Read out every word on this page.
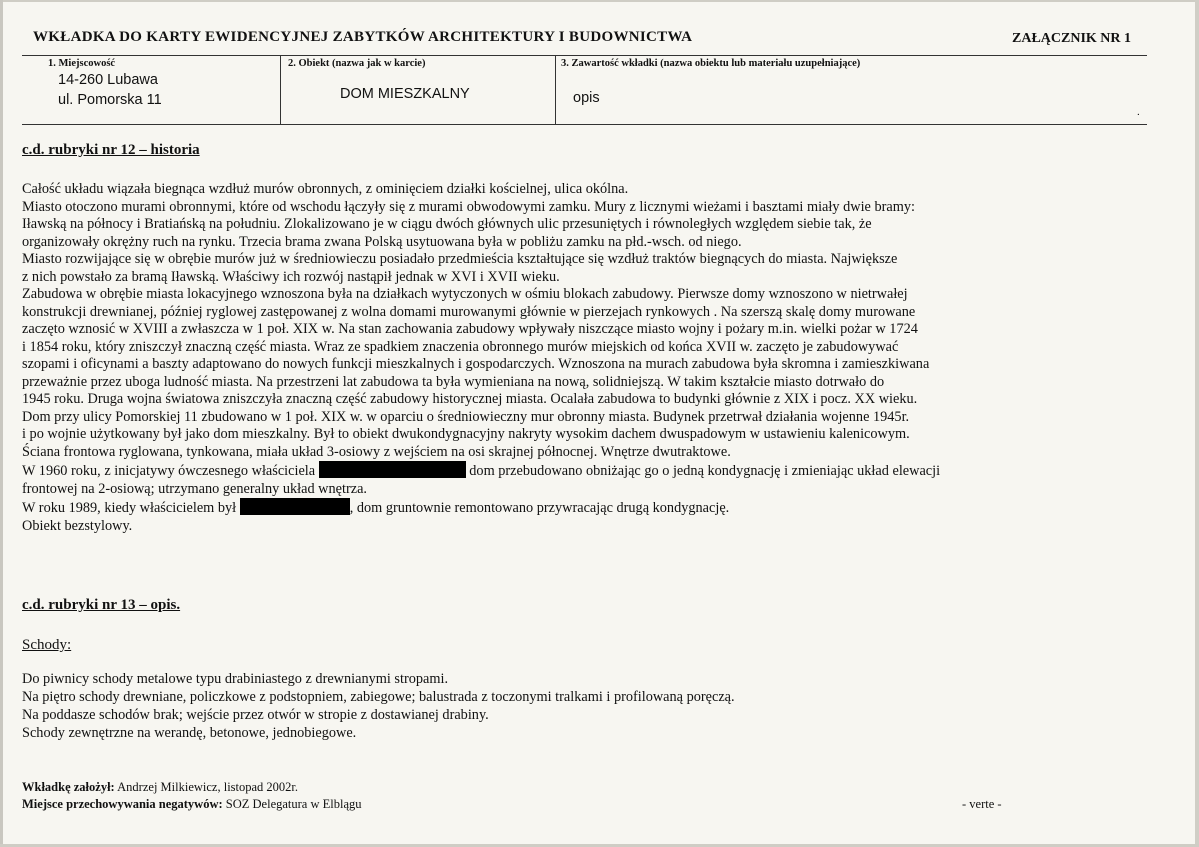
WKŁADKA DO KARTY EWIDENCYJNEJ ZABYTKÓW ARCHITEKTURY I BUDOWNICTWA	ZAŁĄCZNIK NR 1
1. Miejscowość
14-260 Lubawa
ul. Pomorska 11
2. Obiekt (nazwa jak w karcie)
DOM MIESZKALNY
3. Zawartość wkładki (nazwa obiektu lub materiału uzupełniające)
opis
.
c.d. rubryki nr 12 – historia
Całość układu wiązała biegnąca wzdłuż murów obronnych, z ominięciem działki kościelnej, ulica okólna.
Miasto otoczono murami obronnymi, które od wschodu łączyły się z murami obwodowymi zamku. Mury z licznymi wieżami i basztami miały dwie bramy:
Iławską na północy i Bratiańską na południu. Zlokalizowano je w ciągu dwóch głównych ulic przesuniętych i równoległych względem siebie tak, że
organizowały okrężny ruch na rynku. Trzecia brama zwana Polską usytuowana była w pobliżu zamku na płd.-wsch. od niego.
Miasto rozwijające się w obrębie murów już w średniowieczu posiadało przedmieścia kształtujące się wzdłuż traktów biegnących do miasta. Największe
z nich powstało za bramą Iławską. Właściwy ich rozwój nastąpił jednak w XVI i XVII wieku.
Zabudowa w obrębie miasta lokacyjnego wznoszona była na działkach wytyczonych w ośmiu blokach zabudowy. Pierwsze domy wznoszono w nietrwałej
konstrukcji drewnianej, później ryglowej zastępowanej z wolna domami murowanymi głównie w pierzejach rynkowych . Na szerszą skalę domy murowane
zaczęto wznosić w XVIII a zwłaszcza w 1 poł. XIX w. Na stan zachowania zabudowy wpływały niszczące miasto wojny i pożary m.in. wielki pożar w 1724
i 1854 roku, który zniszczył znaczną część miasta. Wraz ze spadkiem znaczenia obronnego murów miejskich od końca XVII w. zaczęto je zabudowywać
szopami i oficynami a baszty adaptowano do nowych funkcji mieszkalnych i gospodarczych. Wznoszona na murach zabudowa była skromna i zamieszkiwana
przeważnie przez uboga ludność miasta. Na przestrzeni lat zabudowa ta była wymieniana na nową, solidniejszą. W takim kształcie miasto dotrwało do
1945 roku. Druga wojna światowa zniszczyła znaczną część zabudowy historycznej miasta. Ocalała zabudowa to budynki głównie z XIX i pocz. XX wieku.
Dom przy ulicy Pomorskiej 11 zbudowano w 1 poł. XIX w. w oparciu o średniowieczny mur obronny miasta. Budynek przetrwał działania wojenne 1945r.
i po wojnie użytkowany był jako dom mieszkalny. Był to obiekt dwukondygnacyjny nakryty wysokim dachem dwuspadowym w ustawieniu kalenicowym.
Ściana frontowa ryglowana, tynkowana, miała układ 3-osiowy z wejściem na osi skrajnej północnej. Wnętrze dwutraktowe.
W 1960 roku, z inicjatywy ówczesnego właściciela	dom przebudowano obniżając go o jedną kondygnację i zmieniając układ elewacji
frontowej na 2-osiową; utrzymano generalny układ wnętrza.
W roku 1989, kiedy właścicielem był	, dom gruntownie remontowano przywracając drugą kondygnację.
Obiekt bezstylowy.
c.d. rubryki nr 13 – opis.
Schody:
Do piwnicy schody metalowe typu drabiniastego z drewnianymi stropami.
Na piętro schody drewniane, policzkowe z podstopniem, zabiegowe; balustrada z toczonymi tralkami i profilowaną poręczą.
Na poddasze schodów brak; wejście przez otwór w stropie z dostawianej drabiny.
Schody zewnętrzne na werandę, betonowe, jednobiegowe.
Wkładkę założył: Andrzej Milkiewicz, listopad 2002r.
Miejsce przechowywania negatywów: SOZ Delegatura w Elblągu	- verte -
